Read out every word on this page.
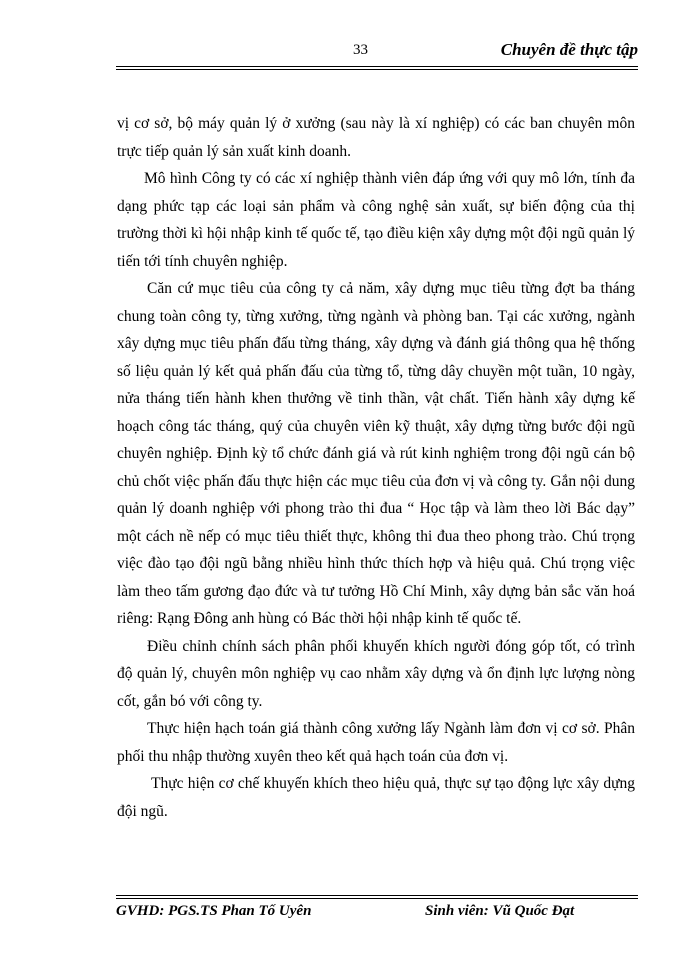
33	Chuyên đề thực tập

vị cơ sở, bộ máy quản lý ở xưởng (sau này là xí nghiệp) có các ban chuyên môn trực tiếp quản lý sản xuất kinh doanh.

Mô hình Công ty có các xí nghiệp thành viên đáp ứng với quy mô lớn, tính đa dạng phức tạp các loại sản phẩm và công nghệ sản xuất, sự biến động của thị trường thời kì hội nhập kinh tế quốc tế, tạo điều kiện xây dựng một đội ngũ quản lý tiến tới tính chuyên nghiệp.

Căn cứ mục tiêu của công ty cả năm, xây dựng mục tiêu từng đợt ba tháng chung toàn công ty, từng xưởng, từng ngành và phòng ban. Tại các xưởng, ngành xây dựng mục tiêu phấn đấu từng tháng, xây dựng và đánh giá thông qua hệ thống số liệu quản lý kết quả phấn đấu của từng tổ, từng dây chuyền một tuần, 10 ngày, nửa tháng tiến hành khen thưởng về tinh thần, vật chất. Tiến hành xây dựng kế hoạch công tác tháng, quý của chuyên viên kỹ thuật, xây dựng từng bước đội ngũ chuyên nghiệp. Định kỳ tổ chức đánh giá và rút kinh nghiệm trong đội ngũ cán bộ chủ chốt việc phấn đấu thực hiện các mục tiêu của đơn vị và công ty. Gắn nội dung quản lý doanh nghiệp với phong trào thi đua “ Học tập và làm theo lời Bác dạy” một cách nề nếp có mục tiêu thiết thực, không thi đua theo phong trào. Chú trọng việc đào tạo đội ngũ bằng nhiều hình thức thích hợp và hiệu quả. Chú trọng việc làm theo tấm gương đạo đức và tư tưởng Hồ Chí Minh, xây dựng bản sắc văn hoá riêng: Rạng Đông anh hùng có Bác thời hội nhập kinh tế quốc tế.

Điều chỉnh chính sách phân phối khuyến khích người đóng góp tốt, có trình độ quản lý, chuyên môn nghiệp vụ cao nhằm xây dựng và ổn định lực lượng nòng cốt, gắn bó với công ty.

Thực hiện hạch toán giá thành công xưởng lấy Ngành làm đơn vị cơ sở. Phân phối thu nhập thường xuyên theo kết quả hạch toán của đơn vị.

Thực hiện cơ chế khuyến khích theo hiệu quả, thực sự tạo động lực xây dựng đội ngũ.

GVHD: PGS.TS Phan Tố Uyên	Sinh viên: Vũ Quốc Đạt
